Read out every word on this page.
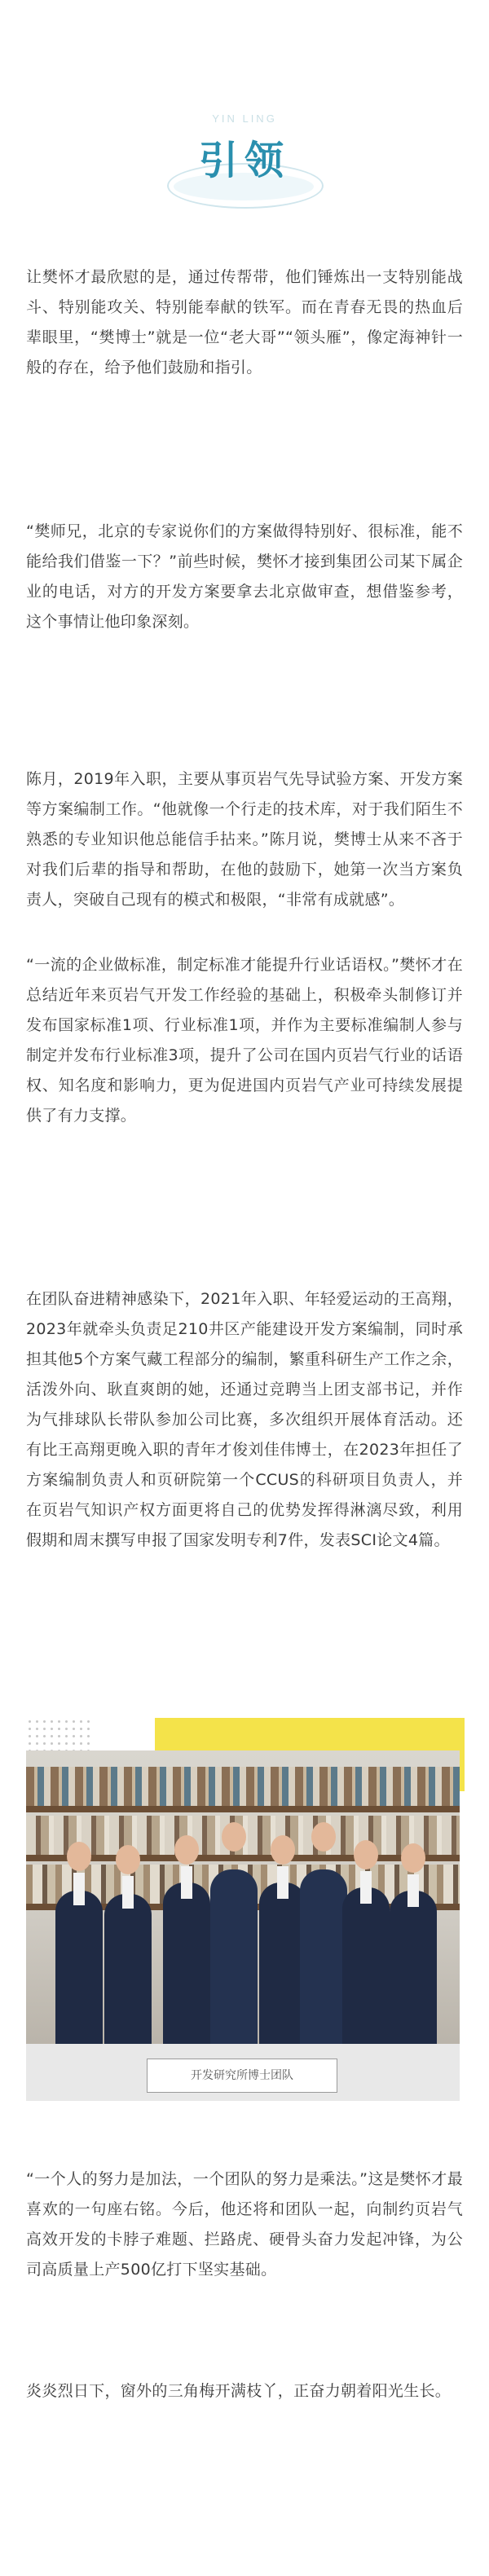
YIN LING
引领

让樊怀才最欣慰的是，通过传帮带，他们锤炼出一支特别能战斗、特别能攻关、特别能奉献的铁军。而在青春无畏的热血后辈眼里，“樊博士”就是一位“老大哥”“领头雁”，像定海神针一般的存在，给予他们鼓励和指引。

“樊师兄，北京的专家说你们的方案做得特别好、很标准，能不能给我们借鉴一下？”前些时候，樊怀才接到集团公司某下属企业的电话，对方的开发方案要拿去北京做审查，想借鉴参考，这个事情让他印象深刻。

陈月，2019年入职，主要从事页岩气先导试验方案、开发方案等方案编制工作。“他就像一个行走的技术库，对于我们陌生不熟悉的专业知识他总能信手拈来。”陈月说，樊博士从来不吝于对我们后辈的指导和帮助，在他的鼓励下，她第一次当方案负责人，突破自己现有的模式和极限，“非常有成就感”。

“一流的企业做标准，制定标准才能提升行业话语权。”樊怀才在总结近年来页岩气开发工作经验的基础上，积极牵头制修订并发布国家标准1项、行业标准1项，并作为主要标准编制人参与制定并发布行业标准3项，提升了公司在国内页岩气行业的话语权、知名度和影响力，更为促进国内页岩气产业可持续发展提供了有力支撑。

在团队奋进精神感染下，2021年入职、年轻爱运动的王高翔， 2023年就牵头负责足210井区产能建设开发方案编制，同时承担其他5个方案气藏工程部分的编制，繁重科研生产工作之余，活泼外向、耿直爽朗的她，还通过竞聘当上团支部书记，并作为气排球队长带队参加公司比赛，多次组织开展体育活动。还有比王高翔更晚入职的青年才俊刘佳伟博士，在2023年担任了方案编制负责人和页研院第一个CCUS的科研项目负责人，并在页岩气知识产权方面更将自己的优势发挥得淋漓尽致，利用假期和周末撰写申报了国家发明专利7件，发表SCI论文4篇。

开发研究所博士团队

“一个人的努力是加法，一个团队的努力是乘法。”这是樊怀才最喜欢的一句座右铭。今后，他还将和团队一起，向制约页岩气高效开发的卡脖子难题、拦路虎、硬骨头奋力发起冲锋，为公司高质量上产500亿打下坚实基础。

炎炎烈日下，窗外的三角梅开满枝丫，正奋力朝着阳光生长。
